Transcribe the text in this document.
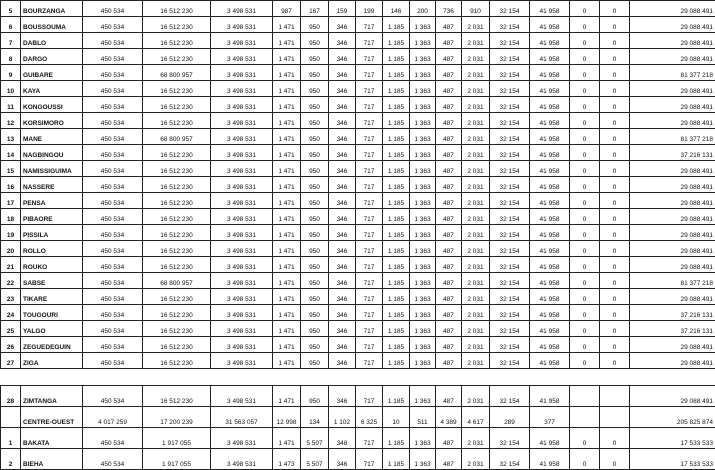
5	BOURZANGA	450 534	16 512 230	3 498 531	987	167	159	199	146	200	736	910	32 154	41 958	0	0	29 088 491
6	BOUSSOUMA	450 534	16 512 230	3 498 531	1 471	950	346	717	1 185	1 363	487	2 031	32 154	41 958	0	0	29 088 491
7	DABLO	450 534	16 512 230	3 498 531	1 471	950	346	717	1 185	1 363	487	2 031	32 154	41 958	0	0	29 088 491
8	DARGO	450 534	16 512 230	3 498 531	1 471	950	346	717	1 185	1 363	487	2 031	32 154	41 958	0	0	29 088 491
9	GUIBARE	450 534	68 800 957	3 498 531	1 471	950	346	717	1 185	1 363	487	2 031	32 154	41 958	0	0	81 377 218
10	KAYA	450 534	16 512 230	3 498 531	1 471	950	346	717	1 185	1 363	487	2 031	32 154	41 958	0	0	29 088 491
11	KONGOUSSI	450 534	16 512 230	3 498 531	1 471	950	346	717	1 185	1 363	487	2 031	32 154	41 958	0	0	29 088 491
12	KORSIMORO	450 534	16 512 230	3 498 531	1 471	950	346	717	1 185	1 363	487	2 031	32 154	41 958	0	0	29 088 491
13	MANE	450 534	68 800 957	3 498 531	1 471	950	346	717	1 185	1 363	487	2 031	32 154	41 958	0	0	81 377 218
14	NAGBINGOU	450 534	16 512 230	3 498 531	1 471	950	346	717	1 185	1 363	487	2 031	32 154	41 958	0	0	37 216 131
15	NAMISSIGUIMA	450 534	16 512 230	3 498 531	1 471	950	346	717	1 185	1 363	487	2 031	32 154	41 958	0	0	29 088 491
16	NASSERE	450 534	16 512 230	3 498 531	1 471	950	346	717	1 185	1 363	487	2 031	32 154	41 958	0	0	29 088 491
17	PENSA	450 534	16 512 230	3 498 531	1 471	950	346	717	1 185	1 363	487	2 031	32 154	41 958	0	0	29 088 491
18	PIBAORE	450 534	16 512 230	3 498 531	1 471	950	346	717	1 185	1 363	487	2 031	32 154	41 958	0	0	29 088 491
19	PISSILA	450 534	16 512 230	3 498 531	1 471	950	346	717	1 185	1 363	487	2 031	32 154	41 958	0	0	29 088 491
20	ROLLO	450 534	16 512 230	3 498 531	1 471	950	346	717	1 185	1 363	487	2 031	32 154	41 958	0	0	29 088 491
21	ROUKO	450 534	16 512 230	3 498 531	1 471	950	346	717	1 185	1 363	487	2 031	32 154	41 958	0	0	29 088 491
22	SABSE	450 534	68 800 957	3 498 531	1 471	950	346	717	1 185	1 363	487	2 031	32 154	41 958	0	0	81 377 218
23	TIKARE	450 534	16 512 230	3 498 531	1 471	950	346	717	1 185	1 363	487	2 031	32 154	41 958	0	0	29 088 491
24	TOUGOURI	450 534	16 512 230	3 498 531	1 471	950	346	717	1 185	1 363	487	2 031	32 154	41 958	0	0	37 216 131
25	YALGO	450 534	16 512 230	3 498 531	1 471	950	346	717	1 185	1 363	487	2 031	32 154	41 958	0	0	37 216 131
26	ZEGUEDEGUIN	450 534	16 512 230	3 498 531	1 471	950	346	717	1 185	1 363	487	2 031	32 154	41 958	0	0	29 088 491
27	ZIGA	450 534	16 512 230	3 498 531	1 471	950	346	717	1 185	1 363	487	2 031	32 154	41 958	0	0	29 088 491
28	ZIMTANGA	450 534	16 512 230	3 498 531	1 471	950	346	717	1 185	1 363	487	2 031	32 154	41 958			29 088 491
	CENTRE-OUEST	4 017 259	17 200 239	31 563 057	12 998	134	1 102	6 325	10	511	4 389	4 617	289	377			205 825 874
1	BAKATA	450 534	1 917 055	3 498 531	1 471	5 507	348	717	1 185	1 363	487	2 031	32 154	41 958	0	0	17 533 533
2	BIEHA	450 534	1 917 055	3 498 531	1 473	5 507	346	717	1 185	1 363	487	2 031	32 154	41 958	0	0	17 533 533
